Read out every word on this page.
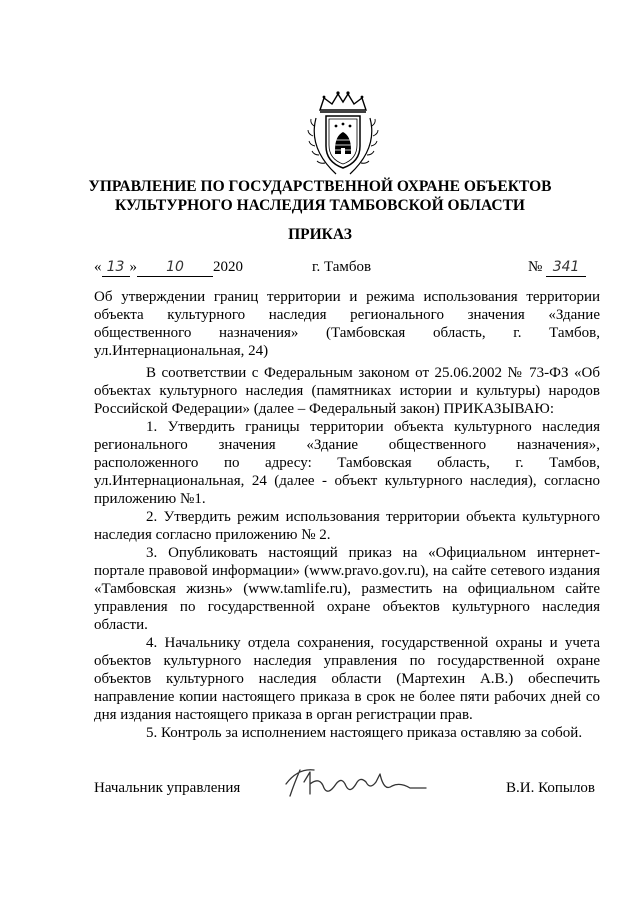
УПРАВЛЕНИЕ ПО ГОСУДАРСТВЕННОЙ ОХРАНЕ ОБЪЕКТОВ
КУЛЬТУРНОГО НАСЛЕДИЯ ТАМБОВСКОЙ ОБЛАСТИ
ПРИКАЗ
« 13 » 10 2020	г. Тамбов	№ 341
Об утверждении границ территории и режима использования территории объекта культурного наследия регионального значения «Здание общественного назначения» (Тамбовская область, г. Тамбов, ул.Интернациональная, 24)

В соответствии с Федеральным законом от 25.06.2002 № 73-ФЗ «Об объектах культурного наследия (памятниках истории и культуры) народов Российской Федерации» (далее – Федеральный закон) ПРИКАЗЫВАЮ:

1. Утвердить границы территории объекта культурного наследия регионального значения «Здание общественного назначения», расположенного по адресу: Тамбовская область, г. Тамбов, ул.Интернациональная, 24 (далее - объект культурного наследия), согласно приложению №1.

2. Утвердить режим использования территории объекта культурного наследия согласно приложению № 2.

3. Опубликовать настоящий приказ на «Официальном интернет-портале правовой информации» (www.pravo.gov.ru), на сайте сетевого издания «Тамбовская жизнь» (www.tamlife.ru), разместить на официальном сайте управления по государственной охране объектов культурного наследия области.

4. Начальнику отдела сохранения, государственной охраны и учета объектов культурного наследия управления по государственной охране объектов культурного наследия области (Мартехин А.В.) обеспечить направление копии настоящего приказа в срок не более пяти рабочих дней со дня издания настоящего приказа в орган регистрации прав.

5. Контроль за исполнением настоящего приказа оставляю за собой.

Начальник управления	В.И. Копылов
